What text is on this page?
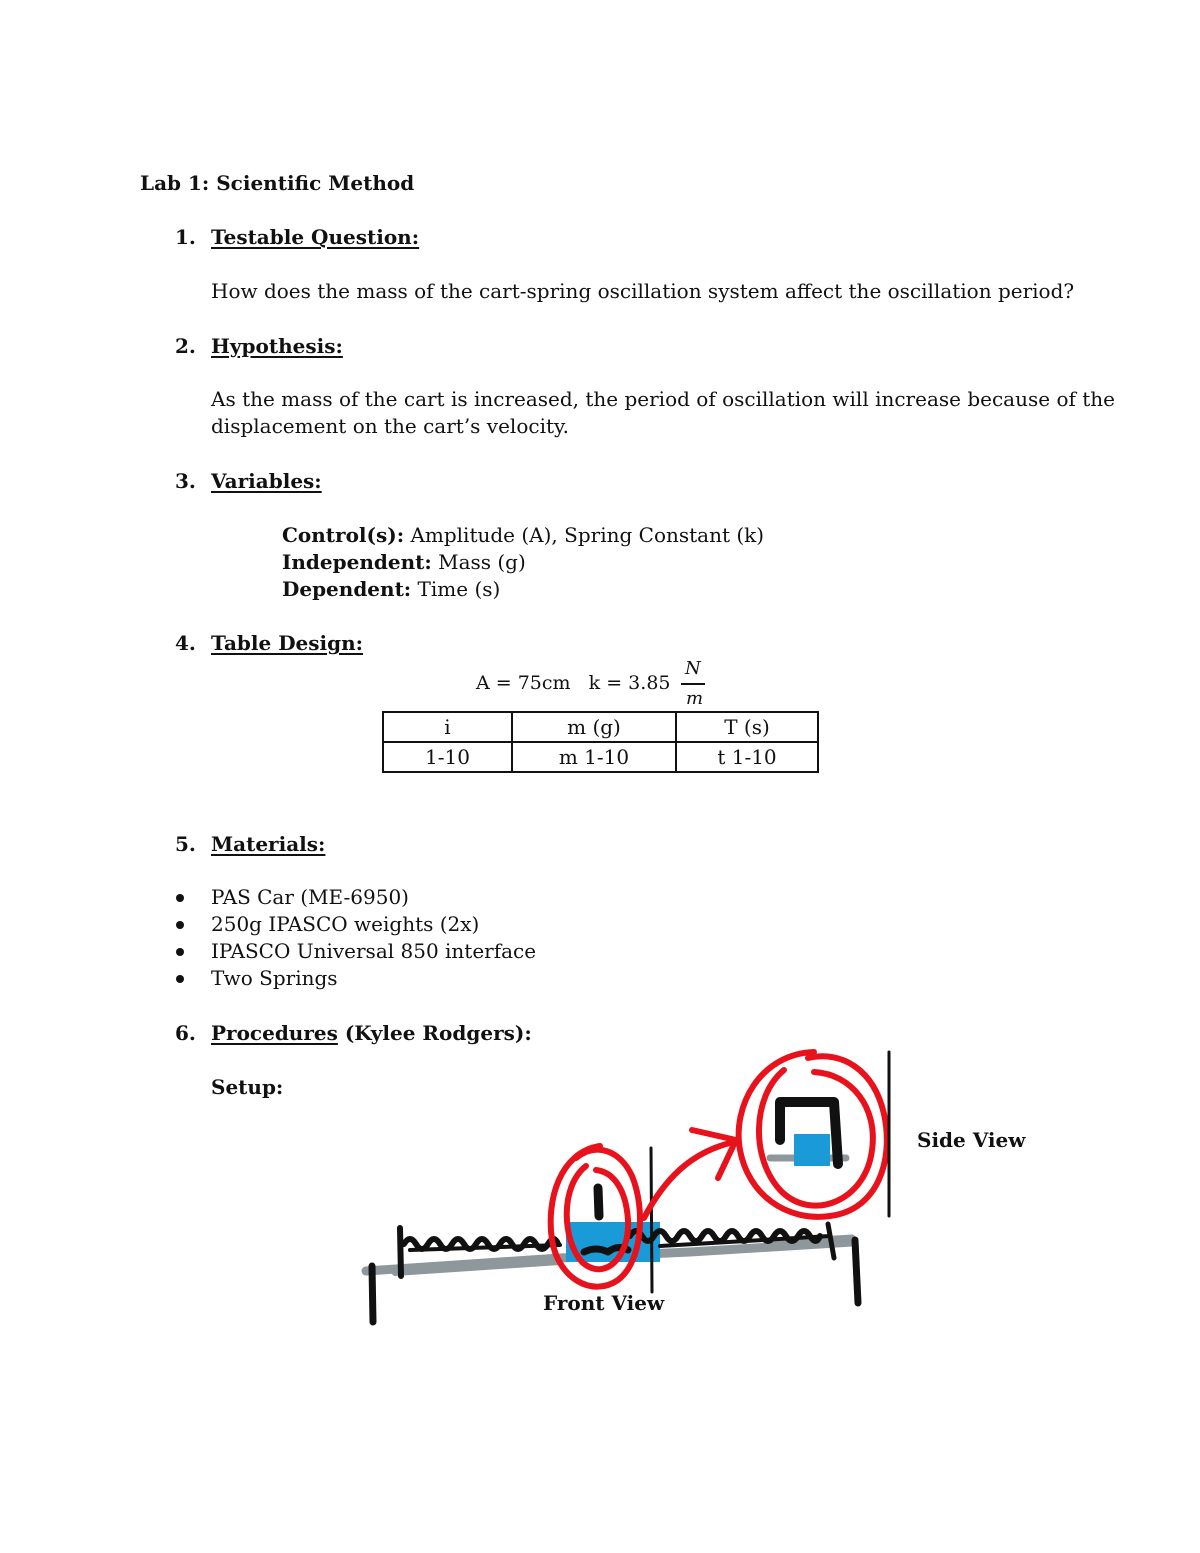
Lab 1: Scientific Method
1. Testable Question:
How does the mass of the cart-spring oscillation system affect the oscillation period?
2. Hypothesis:
As the mass of the cart is increased, the period of oscillation will increase because of the
displacement on the cart’s velocity.
3. Variables:
Control(s): Amplitude (A), Spring Constant (k)
Independent: Mass (g)
Dependent: Time (s)
4. Table Design:
A = 75cm   k = 3.85
N
m
i	m (g)	T (s)
1-10	m 1-10	t 1-10
5. Materials:
PAS Car (ME-6950)
250g IPASCO weights (2x)
IPASCO Universal 850 interface
Two Springs
6. Procedures (Kylee Rodgers):
Setup:
Front View
Side View
